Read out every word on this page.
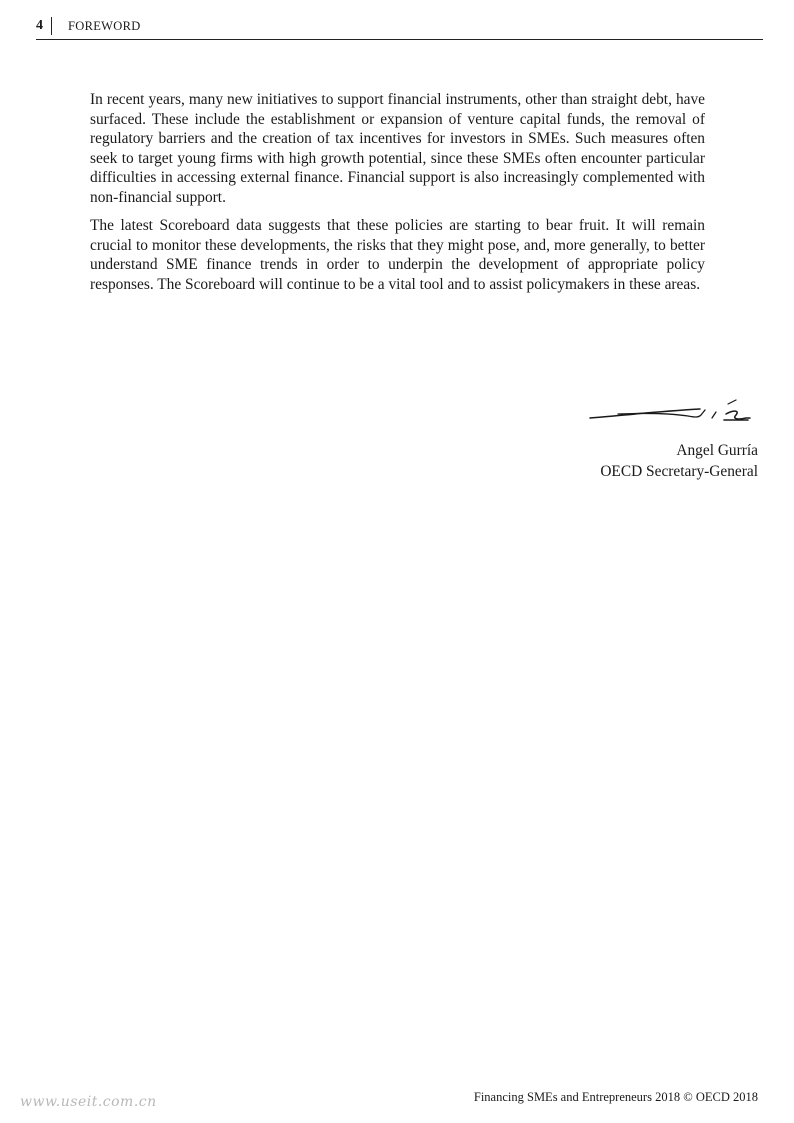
4 FOREWORD

In recent years, many new initiatives to support financial instruments, other than straight debt, have surfaced. These include the establishment or expansion of venture capital funds, the removal of regulatory barriers and the creation of tax incentives for investors in SMEs. Such measures often seek to target young firms with high growth potential, since these SMEs often encounter particular difficulties in accessing external finance. Financial support is also increasingly complemented with non-financial support.

The latest Scoreboard data suggests that these policies are starting to bear fruit. It will remain crucial to monitor these developments, the risks that they might pose, and, more generally, to better understand SME finance trends in order to underpin the development of appropriate policy responses. The Scoreboard will continue to be a vital tool and to assist policymakers in these areas.

Angel Gurría
OECD Secretary-General
www.useit.com.cn	Financing SMEs and Entrepreneurs 2018 © OECD 2018
